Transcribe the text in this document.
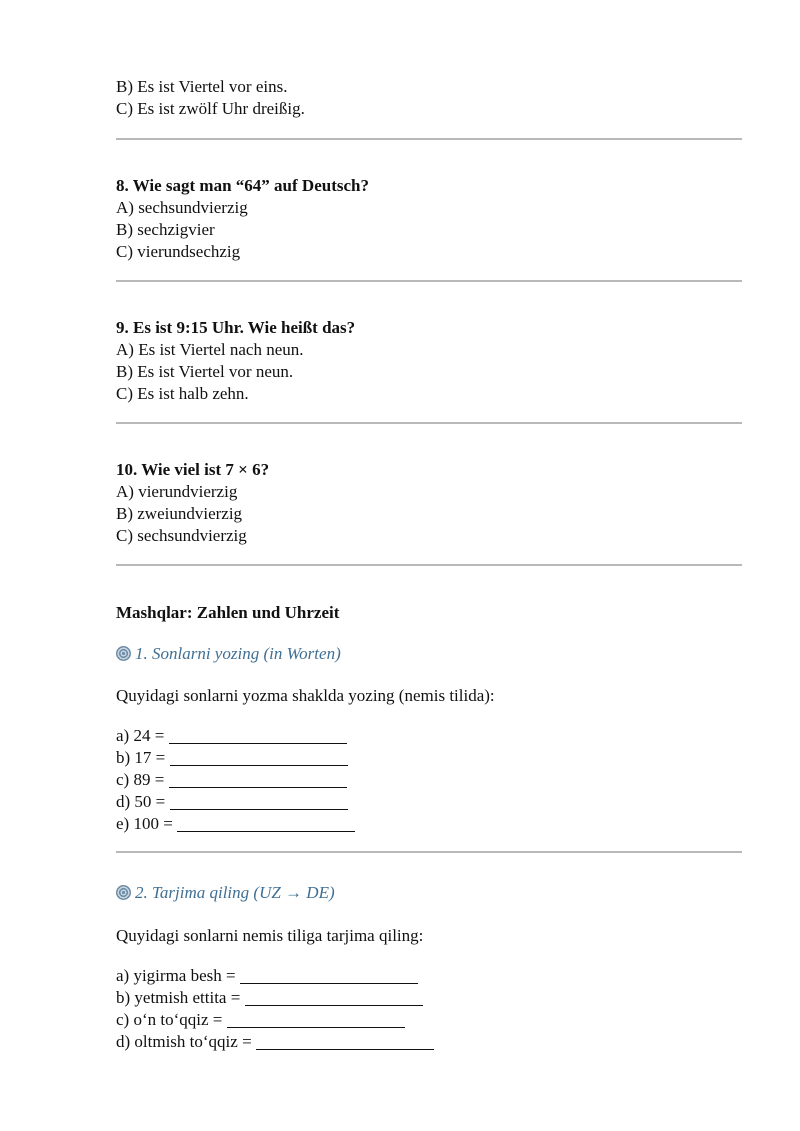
B) Es ist Viertel vor eins.
C) Es ist zwölf Uhr dreißig.
8. Wie sagt man “64” auf Deutsch?
A) sechsundvierzig
B) sechzigvier
C) vierundsechzig
9. Es ist 9:15 Uhr. Wie heißt das?
A) Es ist Viertel nach neun.
B) Es ist Viertel vor neun.
C) Es ist halb zehn.
10. Wie viel ist 7 × 6?
A) vierundvierzig
B) zweiundvierzig
C) sechsundvierzig
Mashqlar: Zahlen und Uhrzeit
1. Sonlarni yozing (in Worten)
Quyidagi sonlarni yozma shaklda yozing (nemis tilida):
a) 24 =
b) 17 =
c) 89 =
d) 50 =
e) 100 =
2. Tarjima qiling (UZ → DE)
Quyidagi sonlarni nemis tiliga tarjima qiling:
a) yigirma besh =
b) yetmish ettita =
c) o‘n to‘qqiz =
d) oltmish to‘qqiz =
